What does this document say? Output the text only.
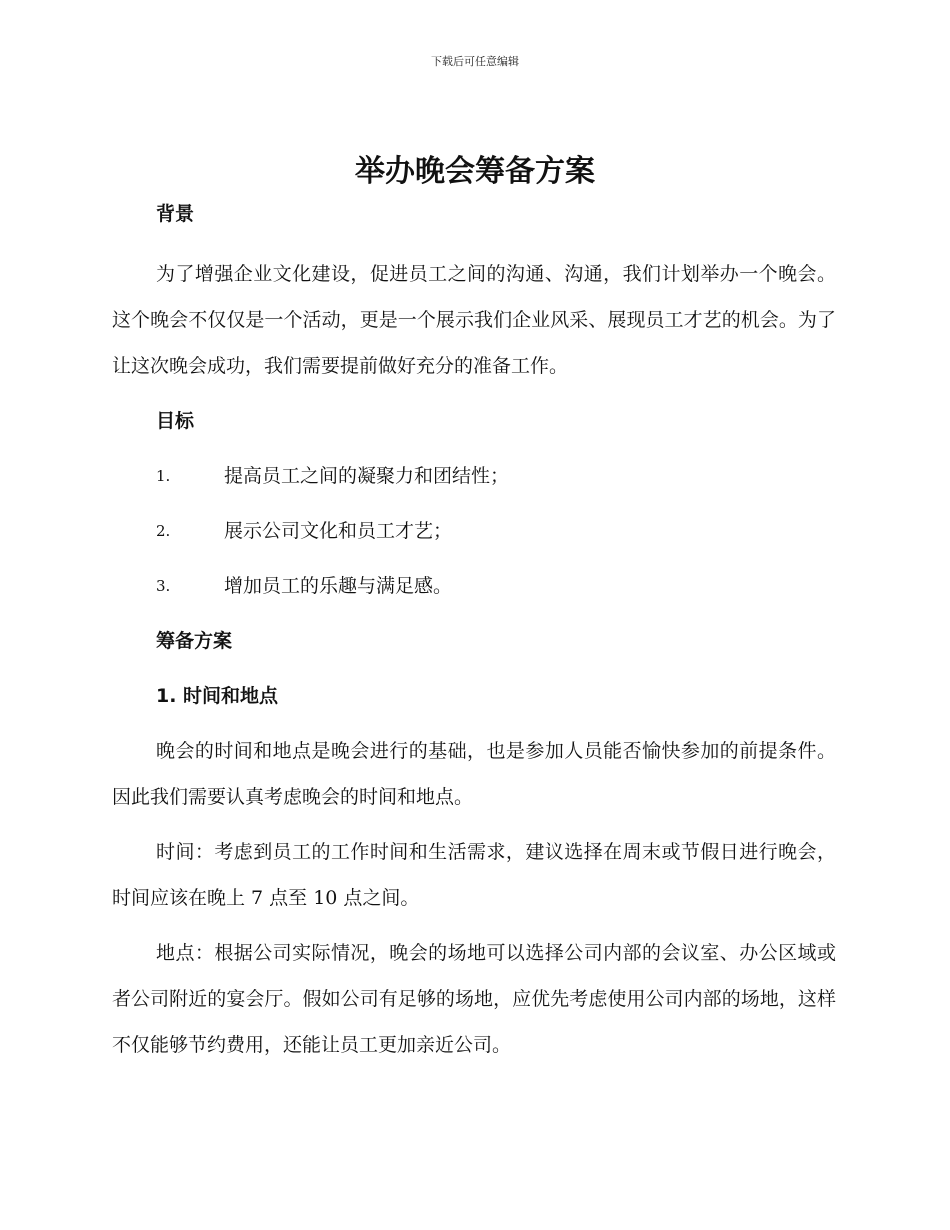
下载后可任意编辑
举办晚会筹备方案
背景

为了增强企业文化建设，促进员工之间的沟通、沟通，我们计划举办一个晚会。这个晚会不仅仅是一个活动，更是一个展示我们企业风采、展现员工才艺的机会。为了让这次晚会成功，我们需要提前做好充分的准备工作。

目标
1.	提高员工之间的凝聚力和团结性；
2.	展示公司文化和员工才艺；
3.	增加员工的乐趣与满足感。
筹备方案
1. 时间和地点

晚会的时间和地点是晚会进行的基础，也是参加人员能否愉快参加的前提条件。因此我们需要认真考虑晚会的时间和地点。

时间：考虑到员工的工作时间和生活需求，建议选择在周末或节假日进行晚会，时间应该在晚上 7 点至 10 点之间。

地点：根据公司实际情况，晚会的场地可以选择公司内部的会议室、办公区域或者公司附近的宴会厅。假如公司有足够的场地，应优先考虑使用公司内部的场地，这样不仅能够节约费用，还能让员工更加亲近公司。
